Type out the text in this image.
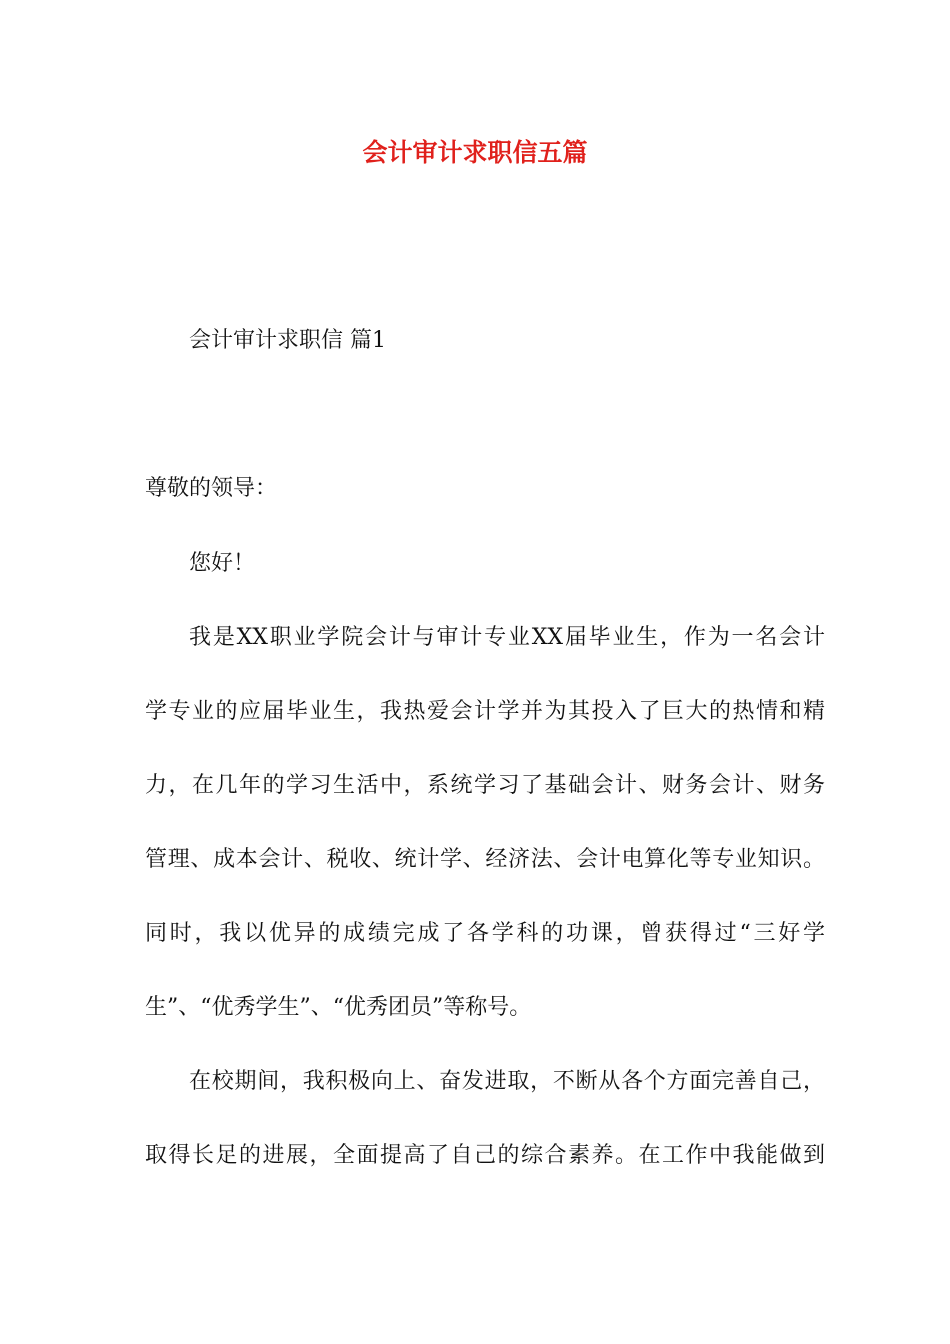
会计审计求职信五篇

会计审计求职信 篇1

尊敬的领导：

您好！

我是XX职业学院会计与审计专业XX届毕业生，作为一名会计

学专业的应届毕业生，我热爱会计学并为其投入了巨大的热情和精

力，在几年的学习生活中，系统学习了基础会计、财务会计、财务

管理、成本会计、税收、统计学、经济法、会计电算化等专业知识。

同时，我以优异的成绩完成了各学科的功课，曾获得过“三好学

生”、“优秀学生”、“优秀团员”等称号。

在校期间，我积极向上、奋发进取，不断从各个方面完善自己，

取得长足的进展，全面提高了自己的综合素养。在工作中我能做到
